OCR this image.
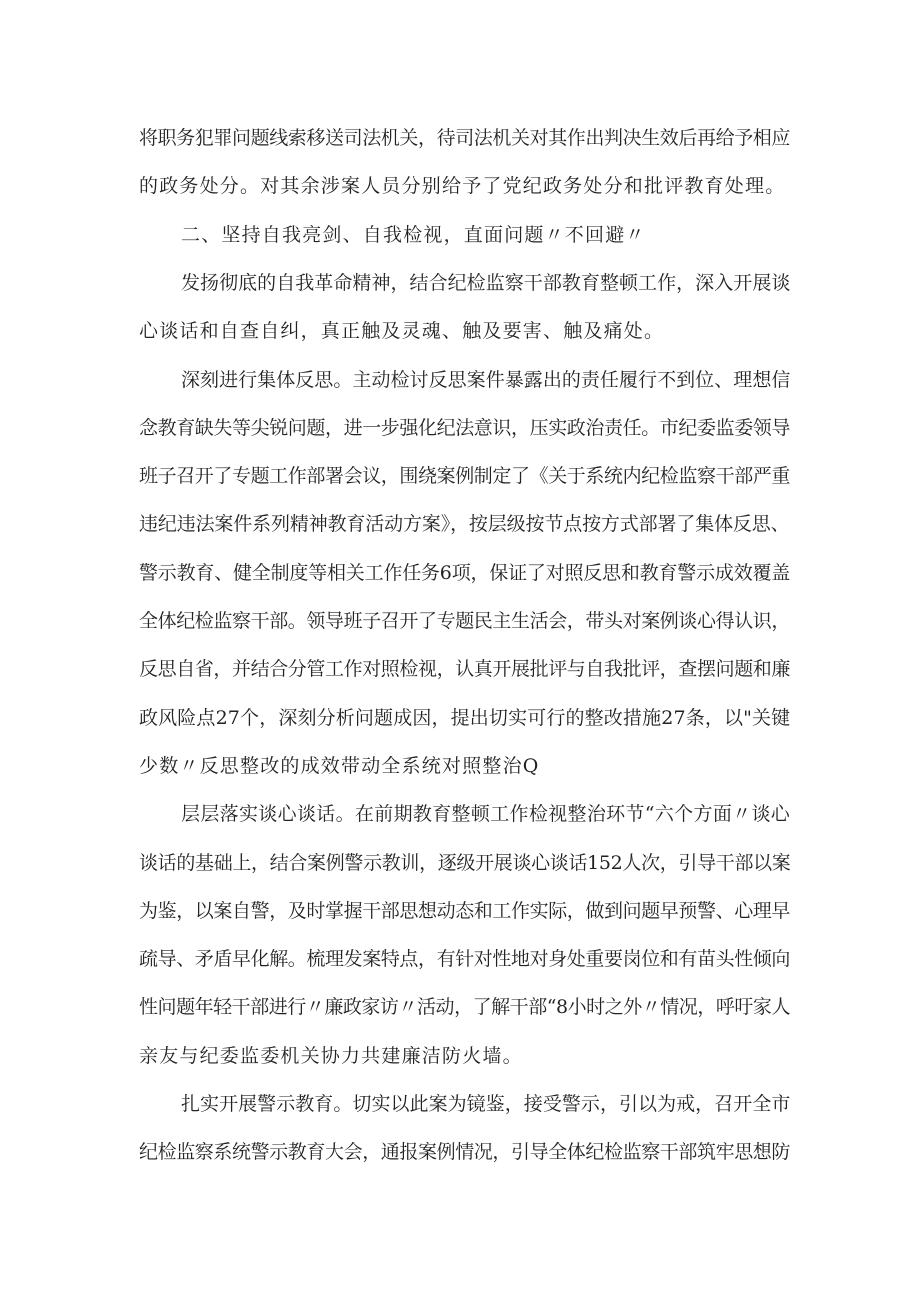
将职务犯罪问题线索移送司法机关，待司法机关对其作出判决生效后再给予相应

的政务处分。对其余涉案人员分别给予了党纪政务处分和批评教育处理。

二、坚持自我亮剑、自我检视，直面问题〃不回避〃

发扬彻底的自我革命精神，结合纪检监察干部教育整顿工作，深入开展谈

心谈话和自查自纠，真正触及灵魂、触及要害、触及痛处。

深刻进行集体反思。主动检讨反思案件暴露出的责任履行不到位、理想信

念教育缺失等尖锐问题，进一步强化纪法意识，压实政治责任。市纪委监委领导

班子召开了专题工作部署会议，围绕案例制定了《关于系统内纪检监察干部严重

违纪违法案件系列精神教育活动方案》，按层级按节点按方式部署了集体反思、

警示教育、健全制度等相关工作任务6项，保证了对照反思和教育警示成效覆盖

全体纪检监察干部。领导班子召开了专题民主生活会，带头对案例谈心得认识，

反思自省，并结合分管工作对照检视，认真开展批评与自我批评，查摆问题和廉

政风险点27个，深刻分析问题成因，提出切实可行的整改措施27条，以"关键

少数〃反思整改的成效带动全系统对照整治Q

层层落实谈心谈话。在前期教育整顿工作检视整治环节“六个方面〃谈心

谈话的基础上，结合案例警示教训，逐级开展谈心谈话152人次，引导干部以案

为鉴，以案自警，及时掌握干部思想动态和工作实际，做到问题早预警、心理早

疏导、矛盾早化解。梳理发案特点，有针对性地对身处重要岗位和有苗头性倾向

性问题年轻干部进行〃廉政家访〃活动，了解干部“8小时之外〃情况，呼吁家人

亲友与纪委监委机关协力共建廉洁防火墙。

扎实开展警示教育。切实以此案为镜鉴，接受警示，引以为戒，召开全市

纪检监察系统警示教育大会，通报案例情况，引导全体纪检监察干部筑牢思想防
